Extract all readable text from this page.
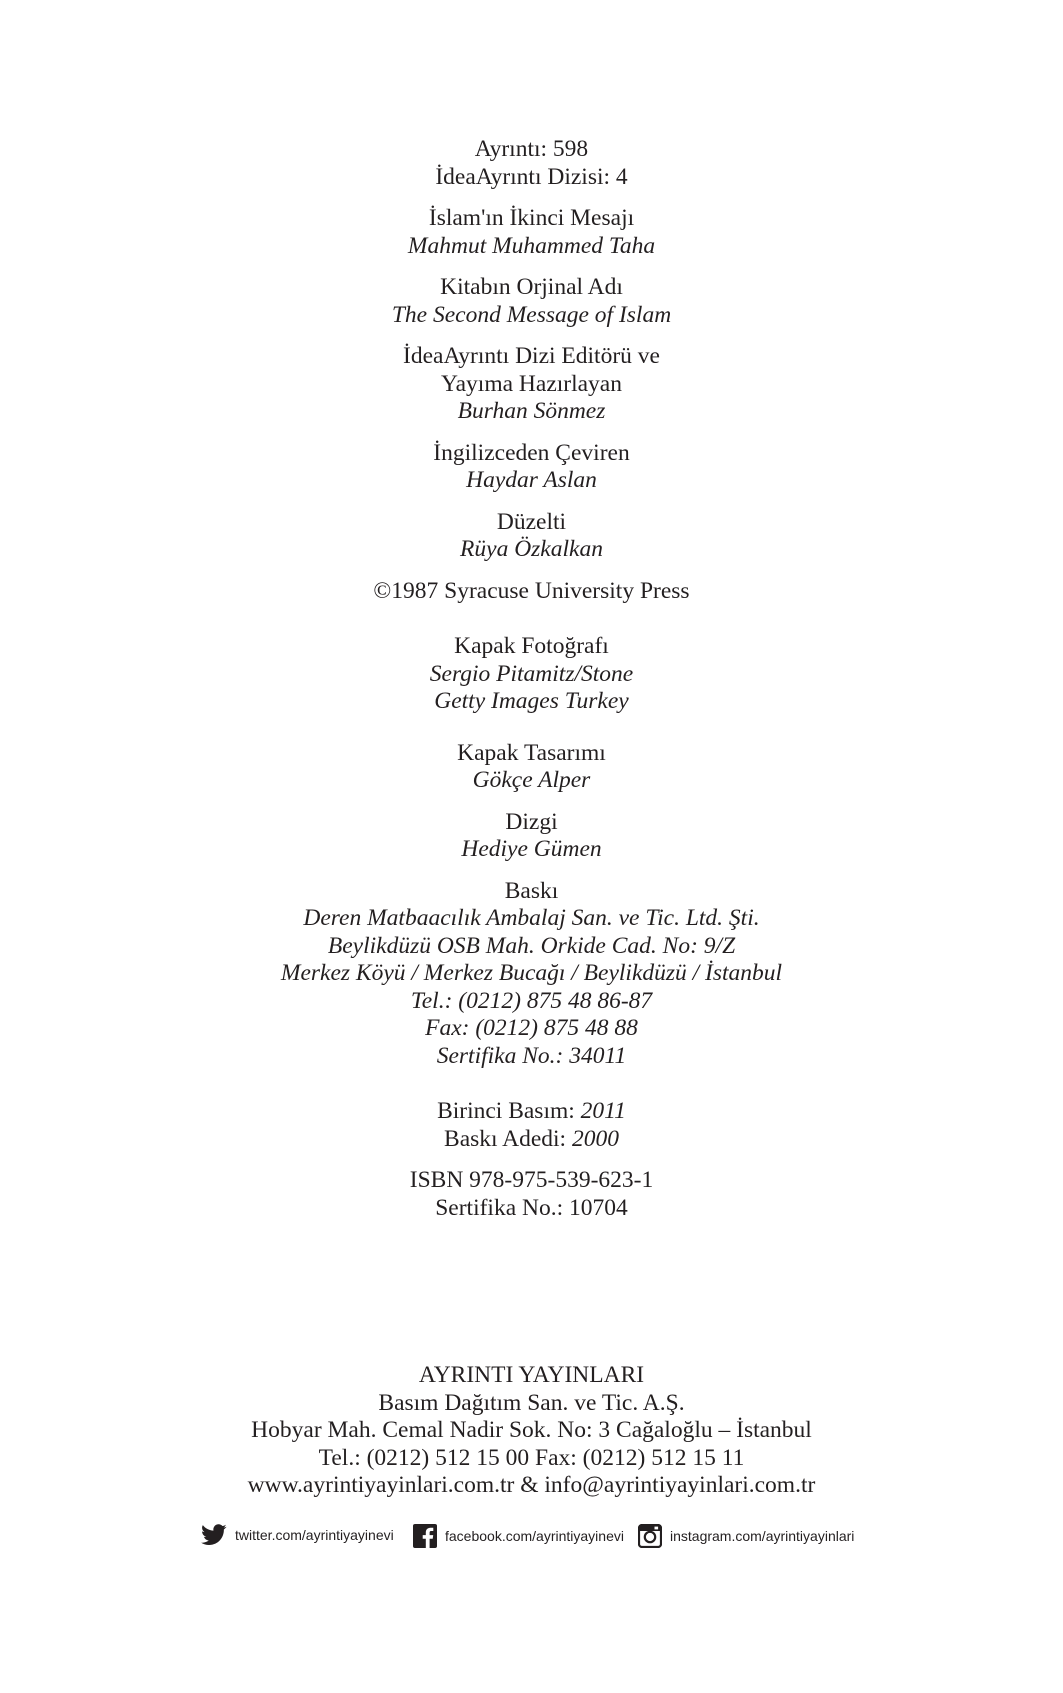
Ayrıntı: 598
İdeaAyrıntı Dizisi: 4
İslam'ın İkinci Mesajı
Mahmut Muhammed Taha
Kitabın Orjinal Adı
The Second Message of Islam
İdeaAyrıntı Dizi Editörü ve
Yayıma Hazırlayan
Burhan Sönmez
İngilizceden Çeviren
Haydar Aslan
Düzelti
Rüya Özkalkan
©1987 Syracuse University Press
Kapak Fotoğrafı
Sergio Pitamitz/Stone
Getty Images Turkey
Kapak Tasarımı
Gökçe Alper
Dizgi
Hediye Gümen
Baskı
Deren Matbaacılık Ambalaj San. ve Tic. Ltd. Şti.
Beylikdüzü OSB Mah. Orkide Cad. No: 9/Z
Merkez Köyü / Merkez Bucağı / Beylikdüzü / İstanbul
Tel.: (0212) 875 48 86-87
Fax: (0212) 875 48 88
Sertifika No.: 34011
Birinci Basım: 2011
Baskı Adedi: 2000
ISBN 978-975-539-623-1
Sertifika No.: 10704
AYRINTI YAYINLARI
Basım Dağıtım San. ve Tic. A.Ş.
Hobyar Mah. Cemal Nadir Sok. No: 3 Cağaloğlu – İstanbul
Tel.: (0212) 512 15 00 Fax: (0212) 512 15 11
www.ayrintiyayinlari.com.tr & info@ayrintiyayinlari.com.tr
twitter.com/ayrintiyayinevi	facebook.com/ayrintiyayinevi	instagram.com/ayrintiyayinlari
